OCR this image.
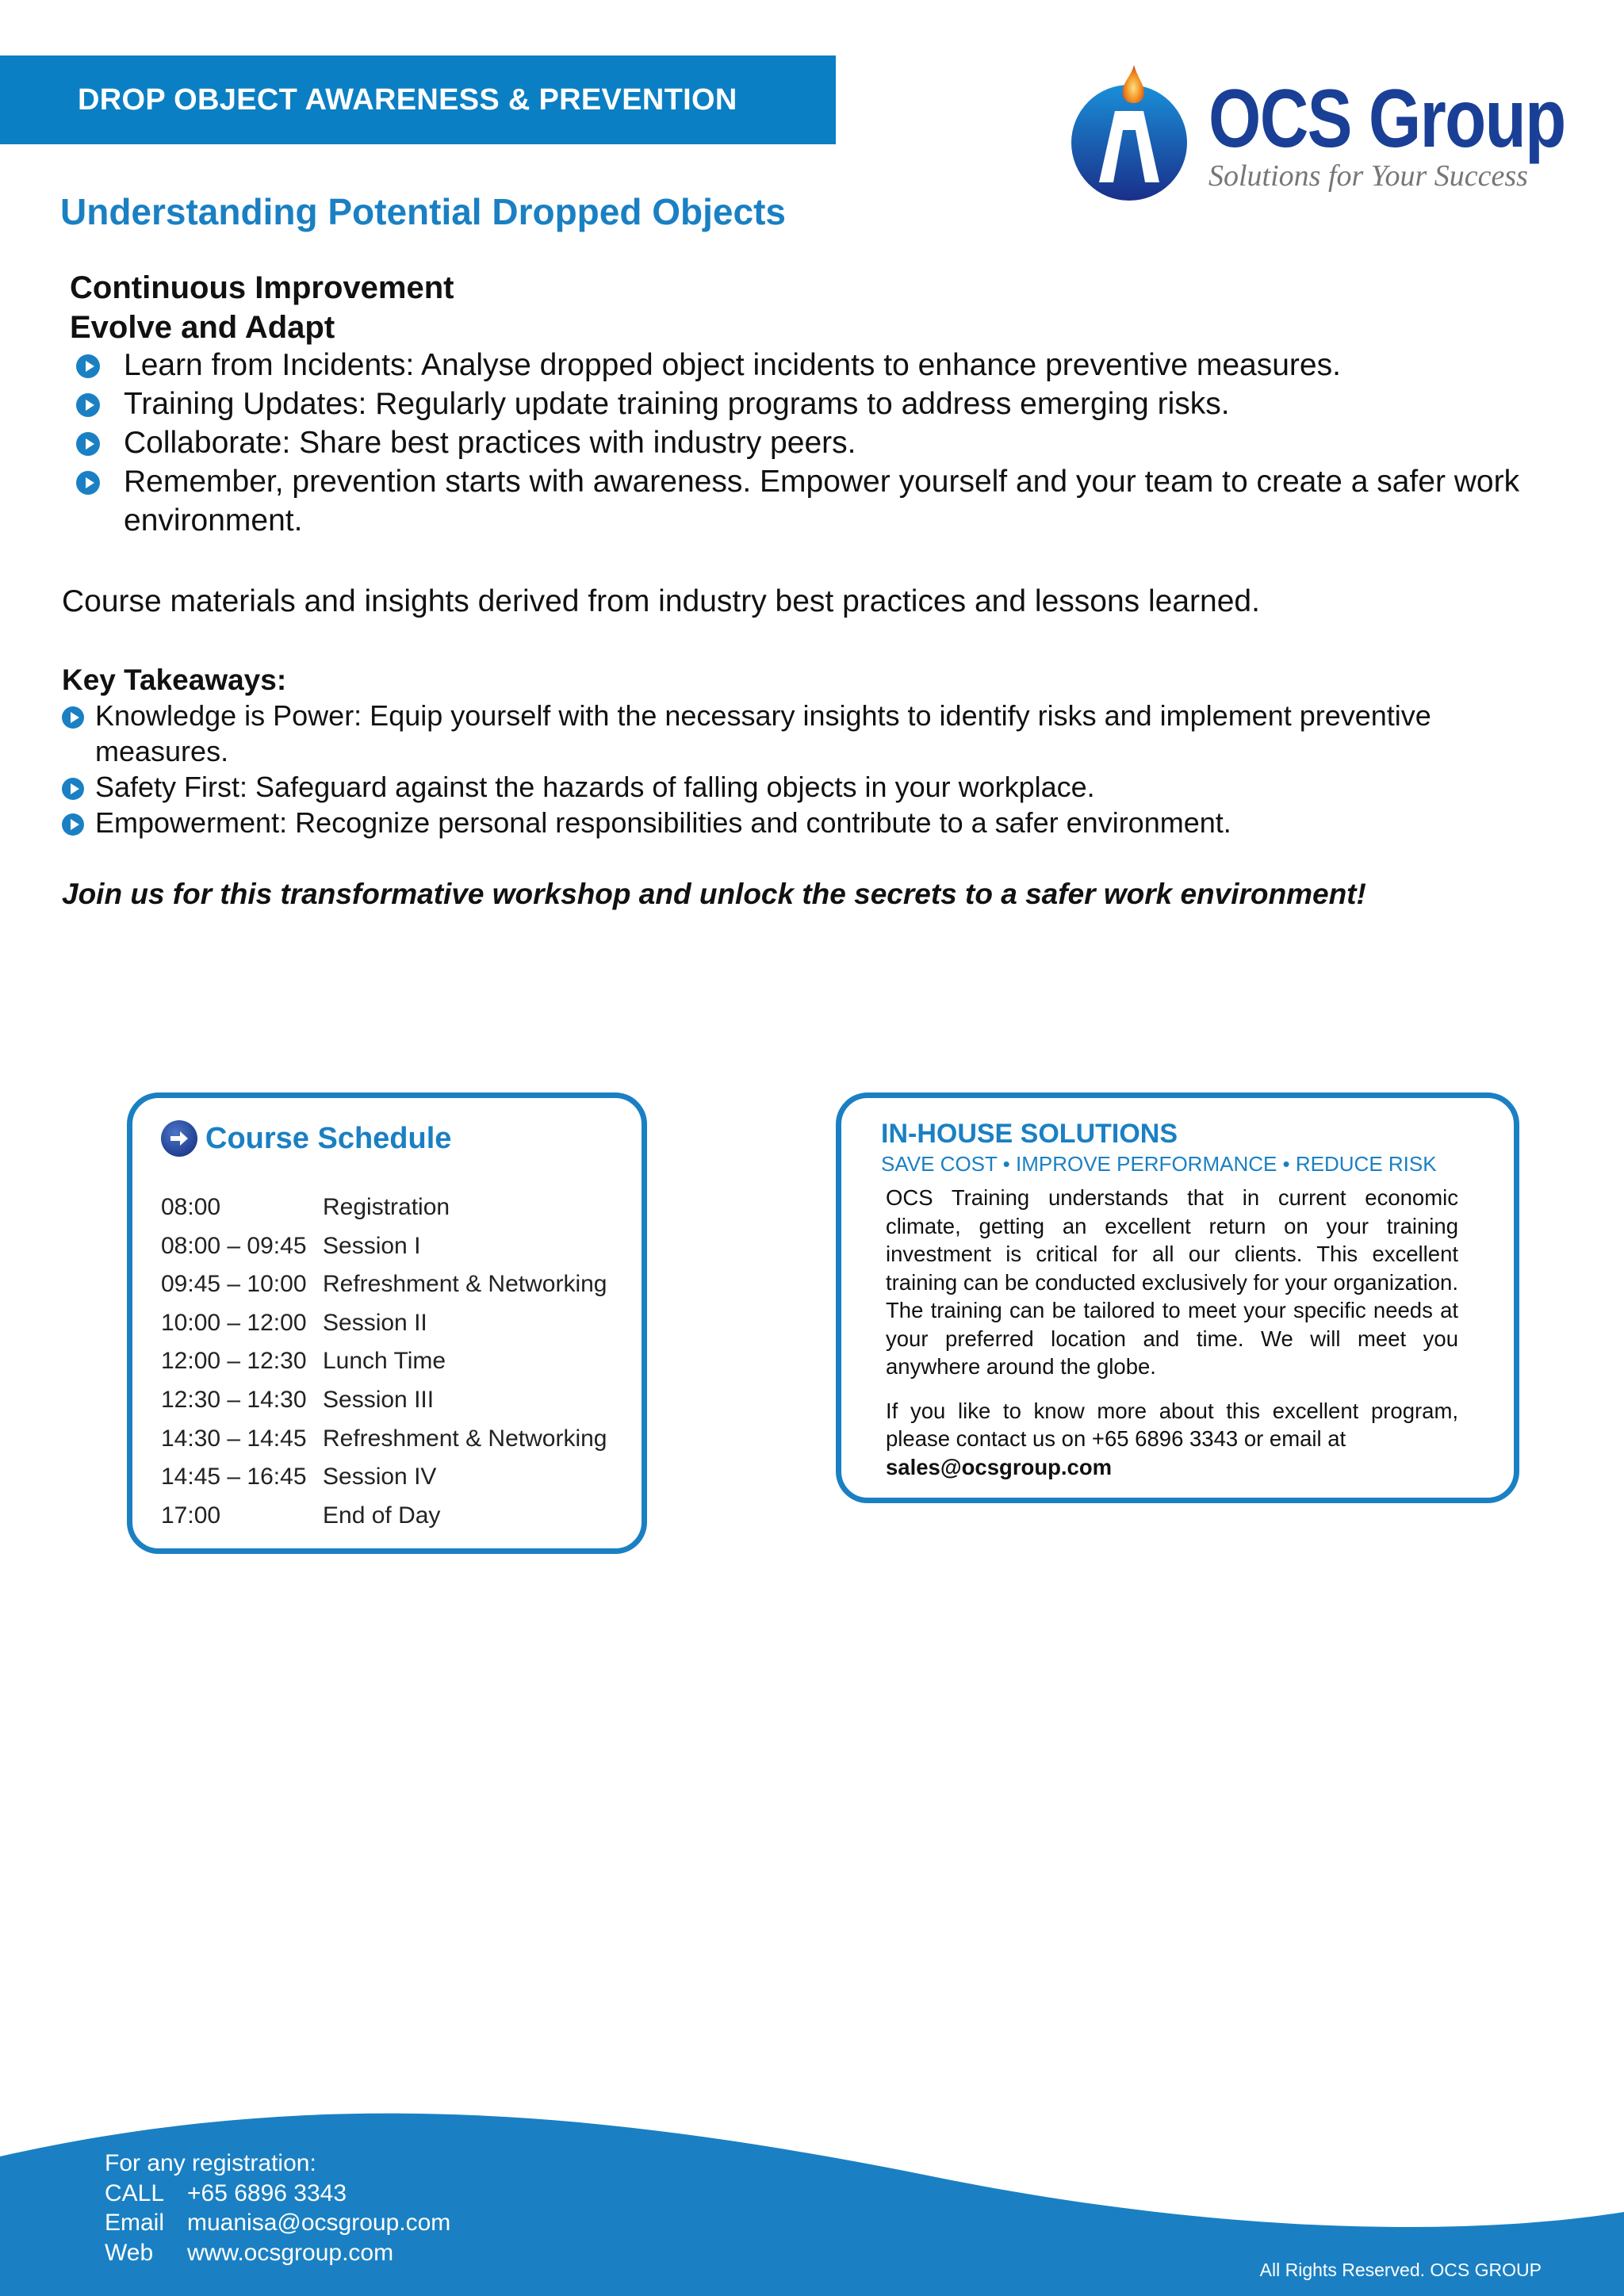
DROP OBJECT AWARENESS & PREVENTION	OCS Group
Solutions for Your Success
Understanding Potential Dropped Objects
Continuous Improvement
Evolve and Adapt
Learn from Incidents: Analyse dropped object incidents to enhance preventive measures.
Training Updates: Regularly update training programs to address emerging risks.
Collaborate: Share best practices with industry peers.
Remember, prevention starts with awareness. Empower yourself and your team to create a safer work environment.
Course materials and insights derived from industry best practices and lessons learned.
Key Takeaways:
Knowledge is Power: Equip yourself with the necessary insights to identify risks and implement preventive measures.
Safety First: Safeguard against the hazards of falling objects in your workplace.
Empowerment: Recognize personal responsibilities and contribute to a safer environment.
Join us for this transformative workshop and unlock the secrets to a safer work environment!
Course Schedule
08:00	Registration
08:00 – 09:45 Session I
09:45 – 10:00 Refreshment & Networking
10:00 – 12:00 Session II
12:00 – 12:30 Lunch Time
12:30 – 14:30 Session III
14:30 – 14:45 Refreshment & Networking
14:45 – 16:45 Session IV
17:00	End of Day
IN-HOUSE SOLUTIONS
SAVE COST • IMPROVE PERFORMANCE • REDUCE RISK

OCS Training understands that in current economic climate, getting an excellent return on your training investment is critical for all our clients. This excellent training can be conducted exclusively for your organization. The training can be tailored to meet your specific needs at your preferred location and time. We will meet you anywhere around the globe.

If you like to know more about this excellent program, please contact us on +65 6896 3343 or email at
sales@ocsgroup.com

For any registration:
CALL +65 6896 3343
Email muanisa@ocsgroup.com
Web	www.ocsgroup.com
All Rights Reserved. OCS GROUP
